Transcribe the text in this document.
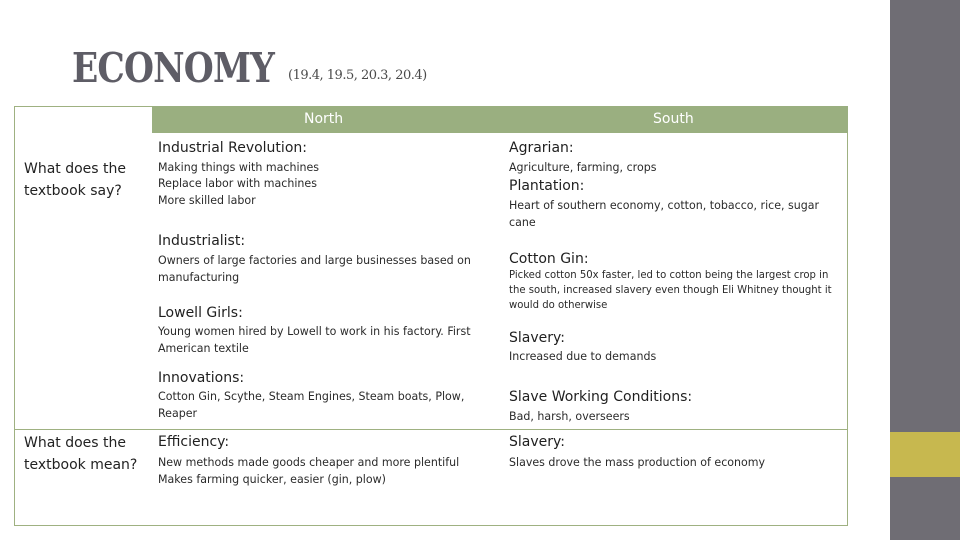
ECONOMY (19.4, 19.5, 20.3, 20.4)
North	South
What does the textbook say?
What does the textbook mean?
Industrial Revolution:
Making things with machines
Replace labor with machines
More skilled labor
Industrialist:
Owners of large factories and large businesses based on manufacturing
Lowell Girls:
Young women hired by Lowell to work in his factory. First American textile
Innovations:
Cotton Gin, Scythe, Steam Engines, Steam boats, Plow, Reaper
Efficiency:
New methods made goods cheaper and more plentiful
Makes farming quicker, easier (gin, plow)
Agrarian:
Agriculture, farming, crops
Plantation:
Heart of southern economy, cotton, tobacco, rice, sugar cane
Cotton Gin:
Picked cotton 50x faster, led to cotton being the largest crop in the south, increased slavery even though Eli Whitney thought it would do otherwise
Slavery:
Increased due to demands
Slave Working Conditions:
Bad, harsh, overseers
Slavery:
Slaves drove the mass production of economy
